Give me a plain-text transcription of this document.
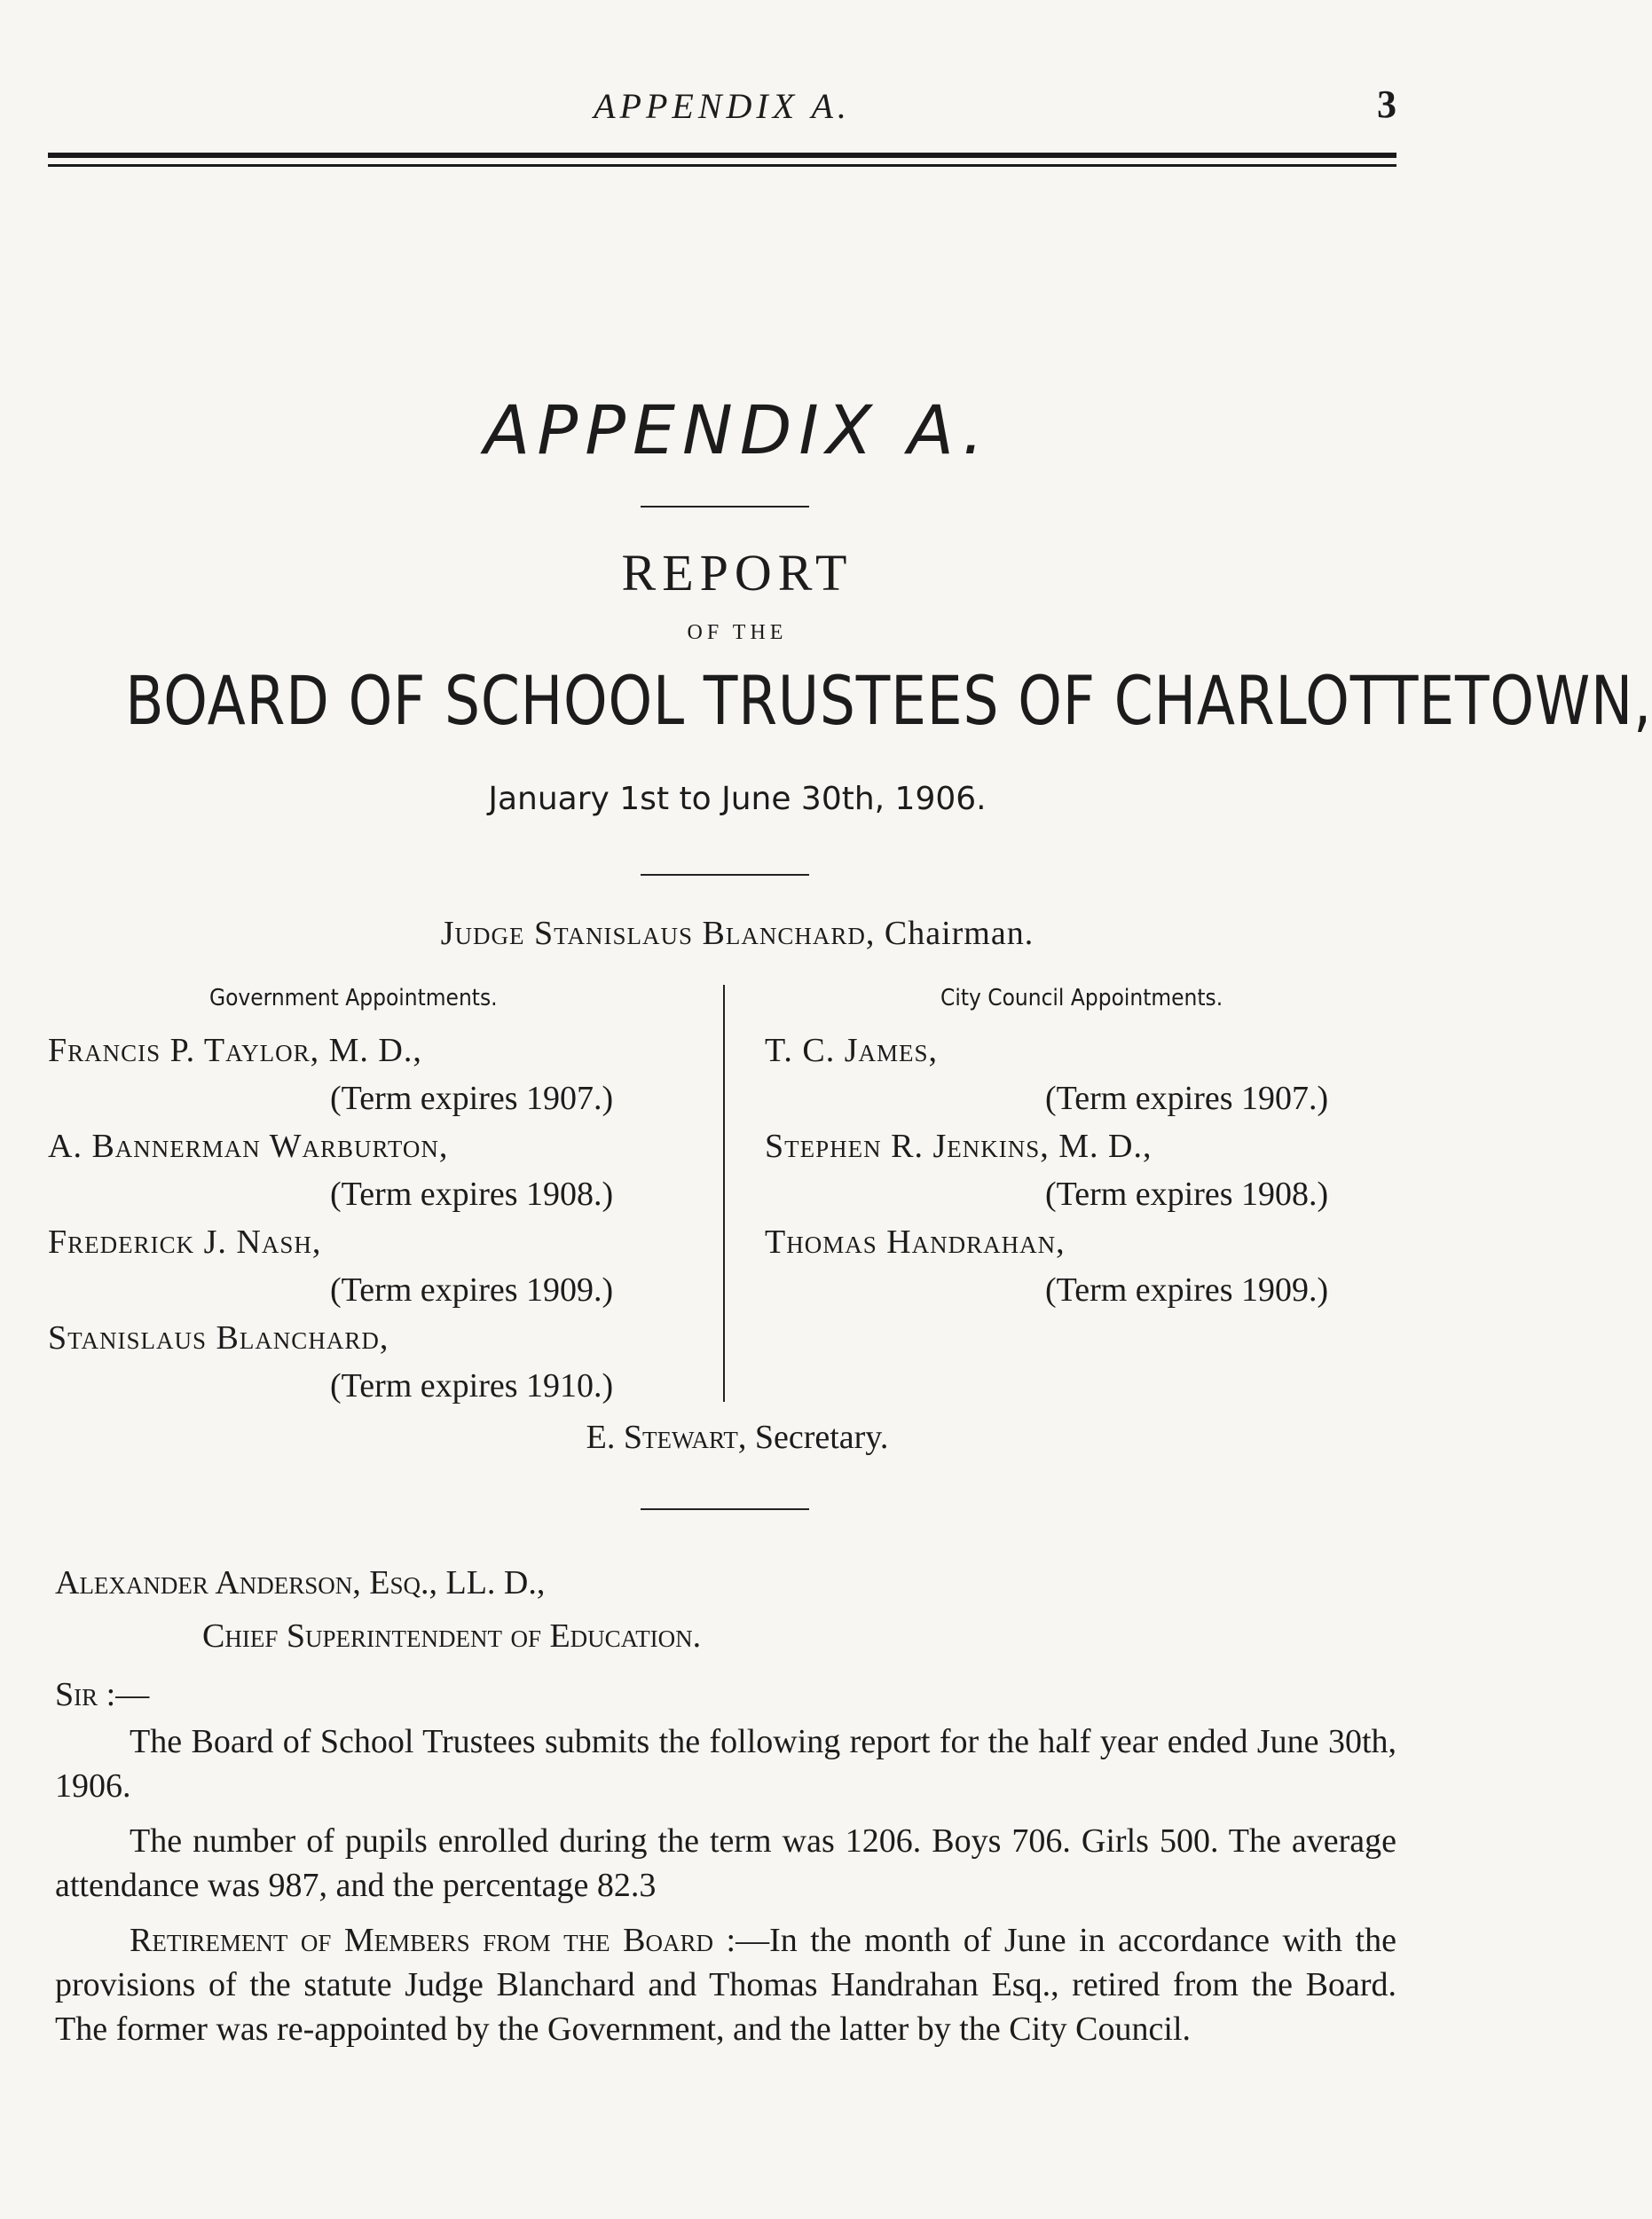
APPENDIX A.	3
APPENDIX A.
REPORT
OF THE
BOARD OF SCHOOL TRUSTEES OF CHARLOTTETOWN,
January 1st to June 30th, 1906.
Judge Stanislaus Blanchard, Chairman.
Government Appointments.
Francis P. Taylor, M. D.,
(Term expires 1907.)
A. Bannerman Warburton,
(Term expires 1908.)
Frederick J. Nash,
(Term expires 1909.)
Stanislaus Blanchard,
(Term expires 1910.)
City Council Appointments.
T. C. James,
(Term expires 1907.)
Stephen R. Jenkins, M. D.,
(Term expires 1908.)
Thomas Handrahan,
(Term expires 1909.)
E. Stewart, Secretary.
Alexander Anderson, Esq., LL. D.,
Chief Superintendent of Education.
Sir :—

The Board of School Trustees submits the following report for the half year ended June 30th, 1906.

The number of pupils enrolled during the term was 1206. Boys 706. Girls 500. The average attendance was 987, and the percentage 82.3

Retirement of Members from the Board :—In the month of June in accordance with the provisions of the statute Judge Blanchard and Thomas Handrahan Esq., retired from the Board. The former was re-appointed by the Government, and the latter by the City Council.
